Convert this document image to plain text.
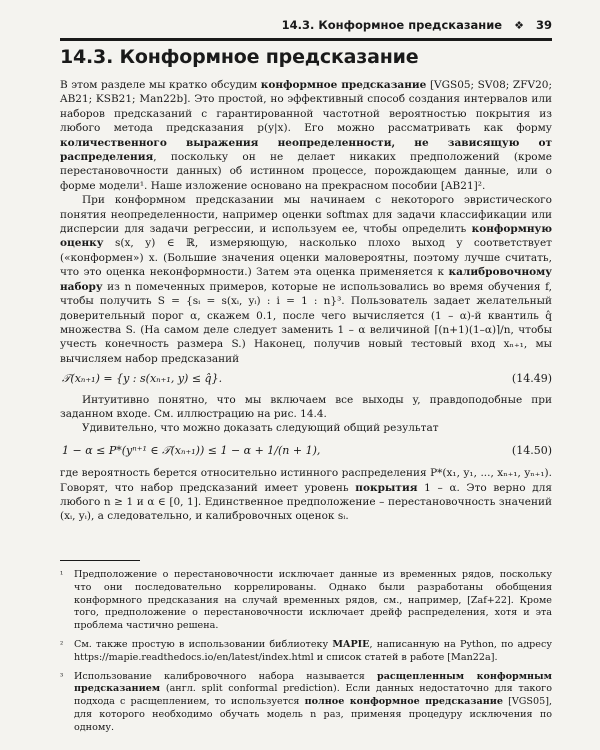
14.3. Конформное предсказание ❖ 39
14.3. Конформное предсказание

В этом разделе мы кратко обсудим конформное предсказание [VGS05; SV08; ZFV20; AB21; KSB21; Man22b]. Это простой, но эффективный способ создания интервалов или наборов предсказаний с гарантированной частотной вероятностью покрытия из любого метода предсказания p(y|x). Его можно рассматривать как форму количественного выражения неопределенности, не зависящую от распределения, поскольку он не делает никаких предположений (кроме перестановочности данных) об истинном процессе, порождающем данные, или о форме модели¹. Наше изложение основано на прекрасном пособии [AB21]².

При конформном предсказании мы начинаем с некоторого эвристического понятия неопределенности, например оценки softmax для задачи классификации или дисперсии для задачи регрессии, и используем ее, чтобы определить конформную оценку s(x, y) ∈ ℝ, измеряющую, насколько плохо выход y соответствует («конформен») x. (Большие значения оценки маловероятны, поэтому лучше считать, что это оценка неконформности.) Затем эта оценка применяется к калибровочному набору из n помеченных примеров, которые не использовались во время обучения f, чтобы получить S = {sᵢ = s(xᵢ, yᵢ) : i = 1 : n}³. Пользователь задает желательный доверительный порог α, скажем 0.1, после чего вычисляется (1 – α)-й квантиль q̂ множества S. (На самом деле следует заменить 1 – α величиной ⌈(n+1)(1–α)⌉/n, чтобы учесть конечность размера S.) Наконец, получив новый тестовый вход xₙ₊₁, мы вычисляем набор предсказаний

𝒯(xₙ₊₁) = {y : s(xₙ₊₁, y) ≤ q̂}.	(14.49)

Интуитивно понятно, что мы включаем все выходы y, правдоподобные при заданном входе. См. иллюстрацию на рис. 14.4.

Удивительно, что можно доказать следующий общий результат

1 − α ≤ P*(yⁿ⁺¹ ∈ 𝒯(xₙ₊₁)) ≤ 1 − α + 1/(n + 1),	(14.50)

где вероятность берется относительно истинного распределения P*(x₁, y₁, ..., xₙ₊₁, yₙ₊₁). Говорят, что набор предсказаний имеет уровень покрытия 1 – α. Это верно для любого n ≥ 1 и α ∈ [0, 1]. Единственное предположение – перестановочность значений (xᵢ, yᵢ), а следовательно, и калибровочных оценок sᵢ.

¹	Предположение о перестановочности исключает данные из временных рядов, поскольку что они последовательно коррелированы. Однако были разработаны обобщения конформного предсказания на случай временных рядов, см., например, [Zaf+22]. Кроме того, предположение о перестановочности исключает дрейф распределения, хотя и эта проблема частично решена.
²	См. также простую в использовании библиотеку MAPIE, написанную на Python, по адресу https://mapie.readthedocs.io/en/latest/index.html и список статей в работе [Man22a].
³	Использование калибровочного набора называется расщепленным конформным предсказанием (англ. split conformal prediction). Если данных недостаточно для такого подхода с расщеплением, то используется полное конформное предсказание [VGS05], для которого необходимо обучать модель n раз, применяя процедуру исключения по одному.
